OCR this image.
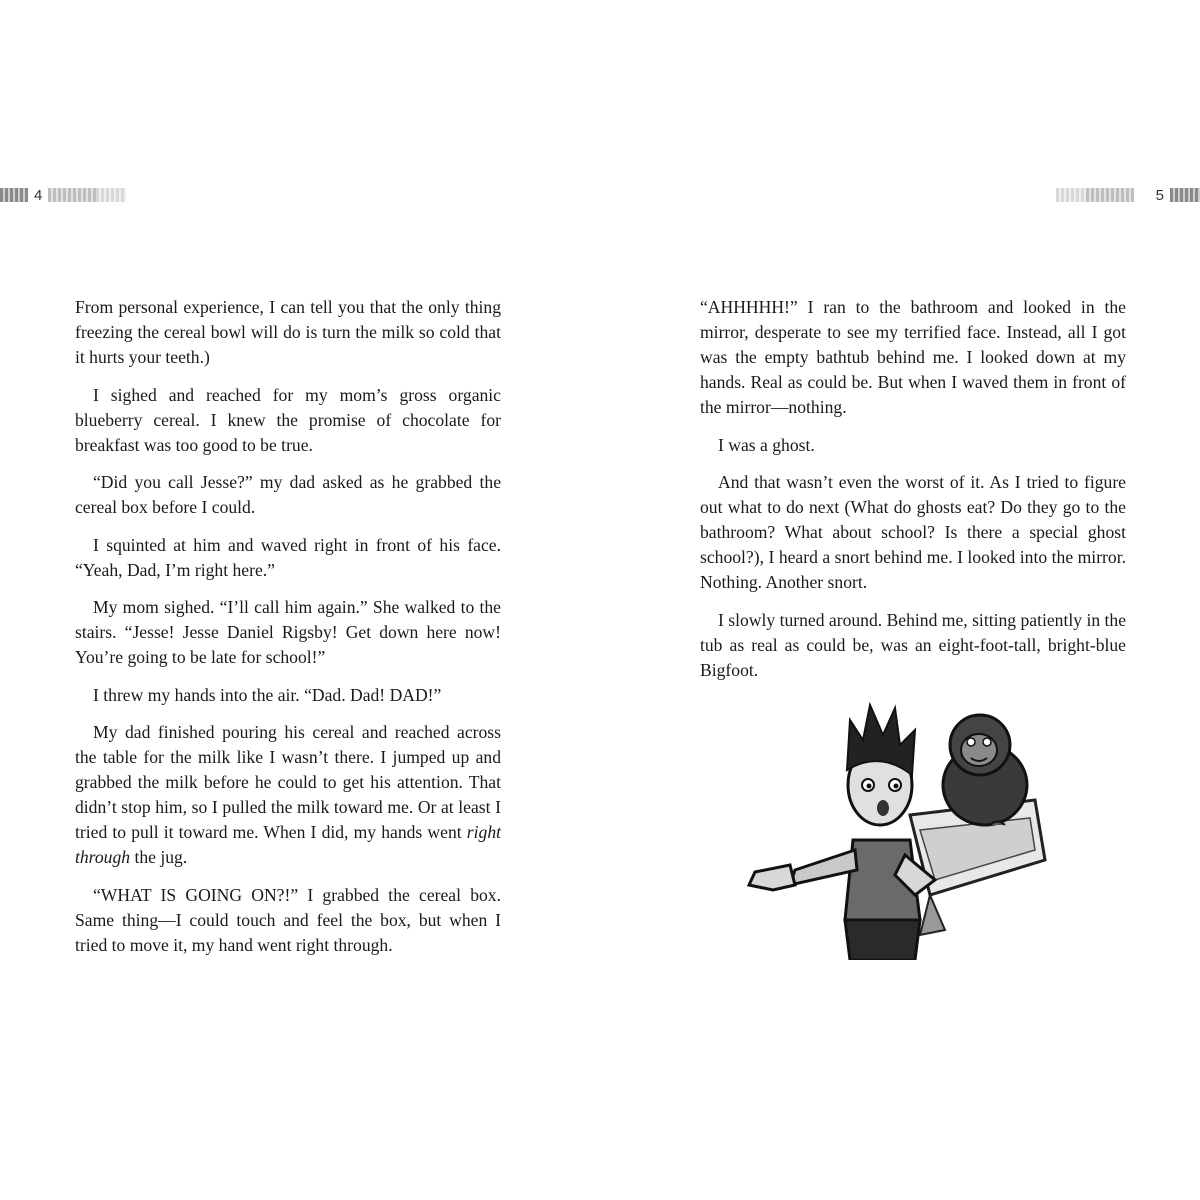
4	5

From personal experience, I can tell you that the only thing freezing the cereal bowl will do is turn the milk so cold that it hurts your teeth.)

I sighed and reached for my mom’s gross organic blueberry cereal. I knew the promise of chocolate for breakfast was too good to be true.

“Did you call Jesse?” my dad asked as he grabbed the cereal box before I could.

I squinted at him and waved right in front of his face. “Yeah, Dad, I’m right here.”

My mom sighed. “I’ll call him again.” She walked to the stairs. “Jesse! Jesse Daniel Rigsby! Get down here now! You’re going to be late for school!”

I threw my hands into the air. “Dad. Dad! DAD!”

My dad finished pouring his cereal and reached across the table for the milk like I wasn’t there. I jumped up and grabbed the milk before he could to get his attention. That didn’t stop him, so I pulled the milk toward me. Or at least I tried to pull it toward me. When I did, my hands went right through the jug.

“WHAT IS GOING ON?!” I grabbed the cereal box. Same thing—I could touch and feel the box, but when I tried to move it, my hand went right through.

“AHHHHH!” I ran to the bathroom and looked in the mirror, desperate to see my terrified face. Instead, all I got was the empty bathtub behind me. I looked down at my hands. Real as could be. But when I waved them in front of the mirror—nothing.

I was a ghost.

And that wasn’t even the worst of it. As I tried to figure out what to do next (What do ghosts eat? Do they go to the bathroom? What about school? Is there a special ghost school?), I heard a snort behind me. I looked into the mirror. Nothing. Another snort.

I slowly turned around. Behind me, sitting patiently in the tub as real as could be, was an eight-foot-tall, bright-blue Bigfoot.
